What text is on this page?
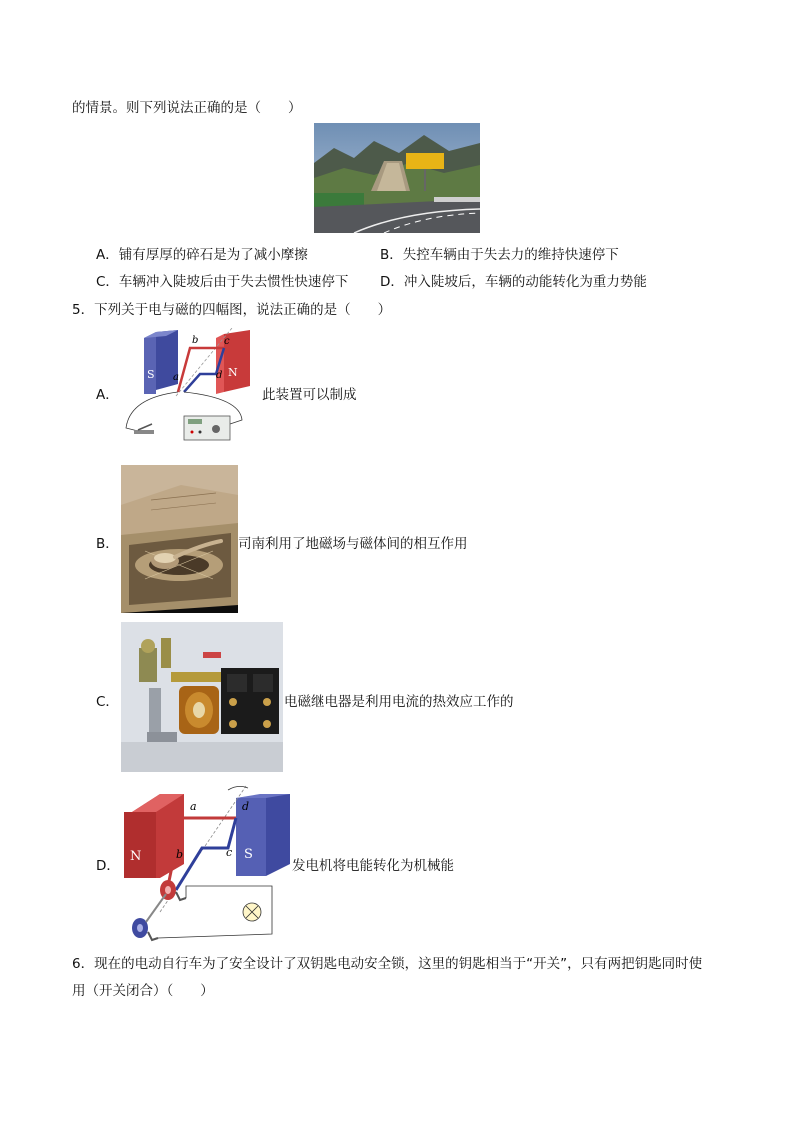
的情景。则下列说法正确的是（　　）
A．铺有厚厚的碎石是为了减小摩擦	B．失控车辆由于失去力的维持快速停下
C．车辆冲入陡坡后由于失去惯性快速停下 D．冲入陡坡后，车辆的动能转化为重力势能
5．下列关于电与磁的四幅图，说法正确的是（　　）
A．
S	N
b	c
a	d
此装置可以制成
B．	司南利用了地磁场与磁体间的相互作用
C．	电磁继电器是利用电流的热效应工作的
D．
N	S
a	d
b	c
发电机将电能转化为机械能
6．现在的电动自行车为了安全设计了双钥匙电动安全锁，这里的钥匙相当于“开关”，只有两把钥匙同时使
用（开关闭合）（　　）
